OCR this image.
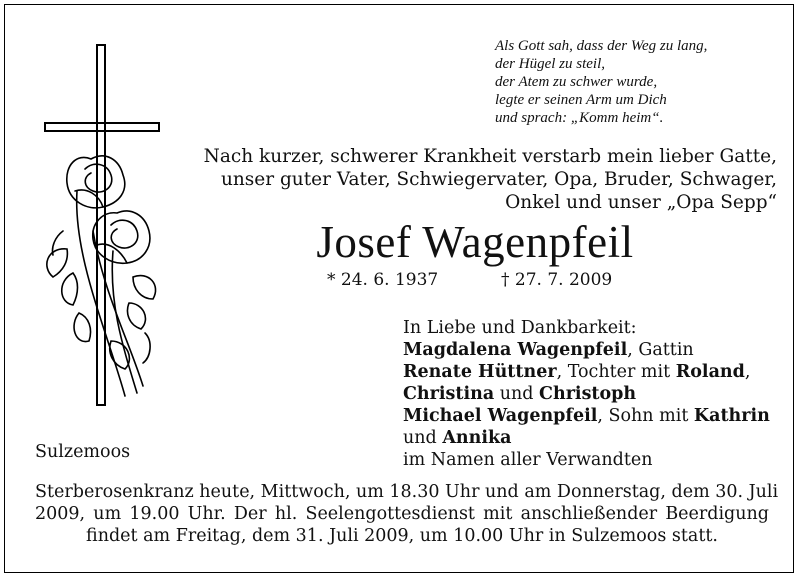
Als Gott sah, dass der Weg zu lang,
der Hügel zu steil,
der Atem zu schwer wurde,
legte er seinen Arm um Dich
und sprach: „Komm heim“.
Nach kurzer, schwerer Krankheit verstarb mein lieber Gatte,
unser guter Vater, Schwiegervater, Opa, Bruder, Schwager,
Onkel und unser „Opa Sepp“
Josef Wagenpfeil
* 24. 6. 1937	† 27. 7. 2009
In Liebe und Dankbarkeit:
Magdalena Wagenpfeil, Gattin
Renate Hüttner, Tochter mit Roland,
Christina und Christoph
Michael Wagenpfeil, Sohn mit Kathrin
und Annika
im Namen aller Verwandten
Sulzemoos
Sterberosenkranz heute, Mittwoch, um 18.30 Uhr und am Donnerstag, dem 30. Juli
2009, um 19.00 Uhr. Der hl. Seelengottesdienst mit anschließender Beerdigung
findet am Freitag, dem 31. Juli 2009, um 10.00 Uhr in Sulzemoos statt.
